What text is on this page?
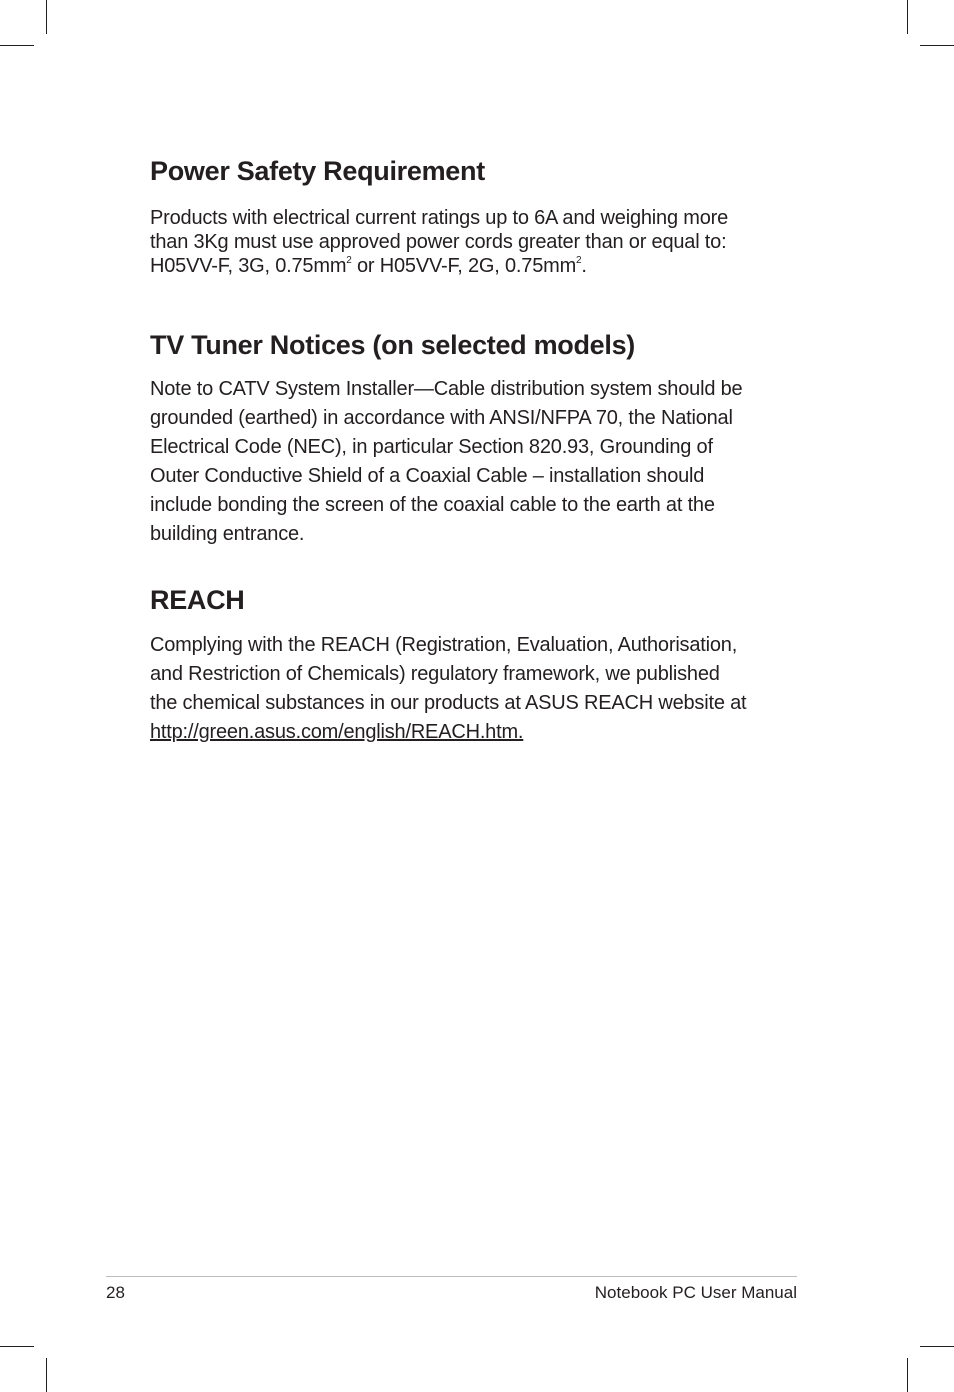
Power Safety Requirement
Products with electrical current ratings up to 6A and weighing more
than 3Kg must use approved power cords greater than or equal to:
H05VV-F, 3G, $0.75mm^2$ or H05VV-F, 2G, $0.75mm^2$.
TV Tuner Notices (on selected models)
Note to CATV System Installer—Cable distribution system should be
grounded (earthed) in accordance with ANSI/NFPA 70, the National
Electrical Code (NEC), in particular Section 820.93, Grounding of
Outer Conductive Shield of a Coaxial Cable – installation should
include bonding the screen of the coaxial cable to the earth at the
building entrance.
REACH
Complying with the REACH (Registration, Evaluation, Authorisation,
and Restriction of Chemicals) regulatory framework, we published
the chemical substances in our products at ASUS REACH website at
http://green.asus.com/english/REACH.htm.
28	Notebook PC User Manual
